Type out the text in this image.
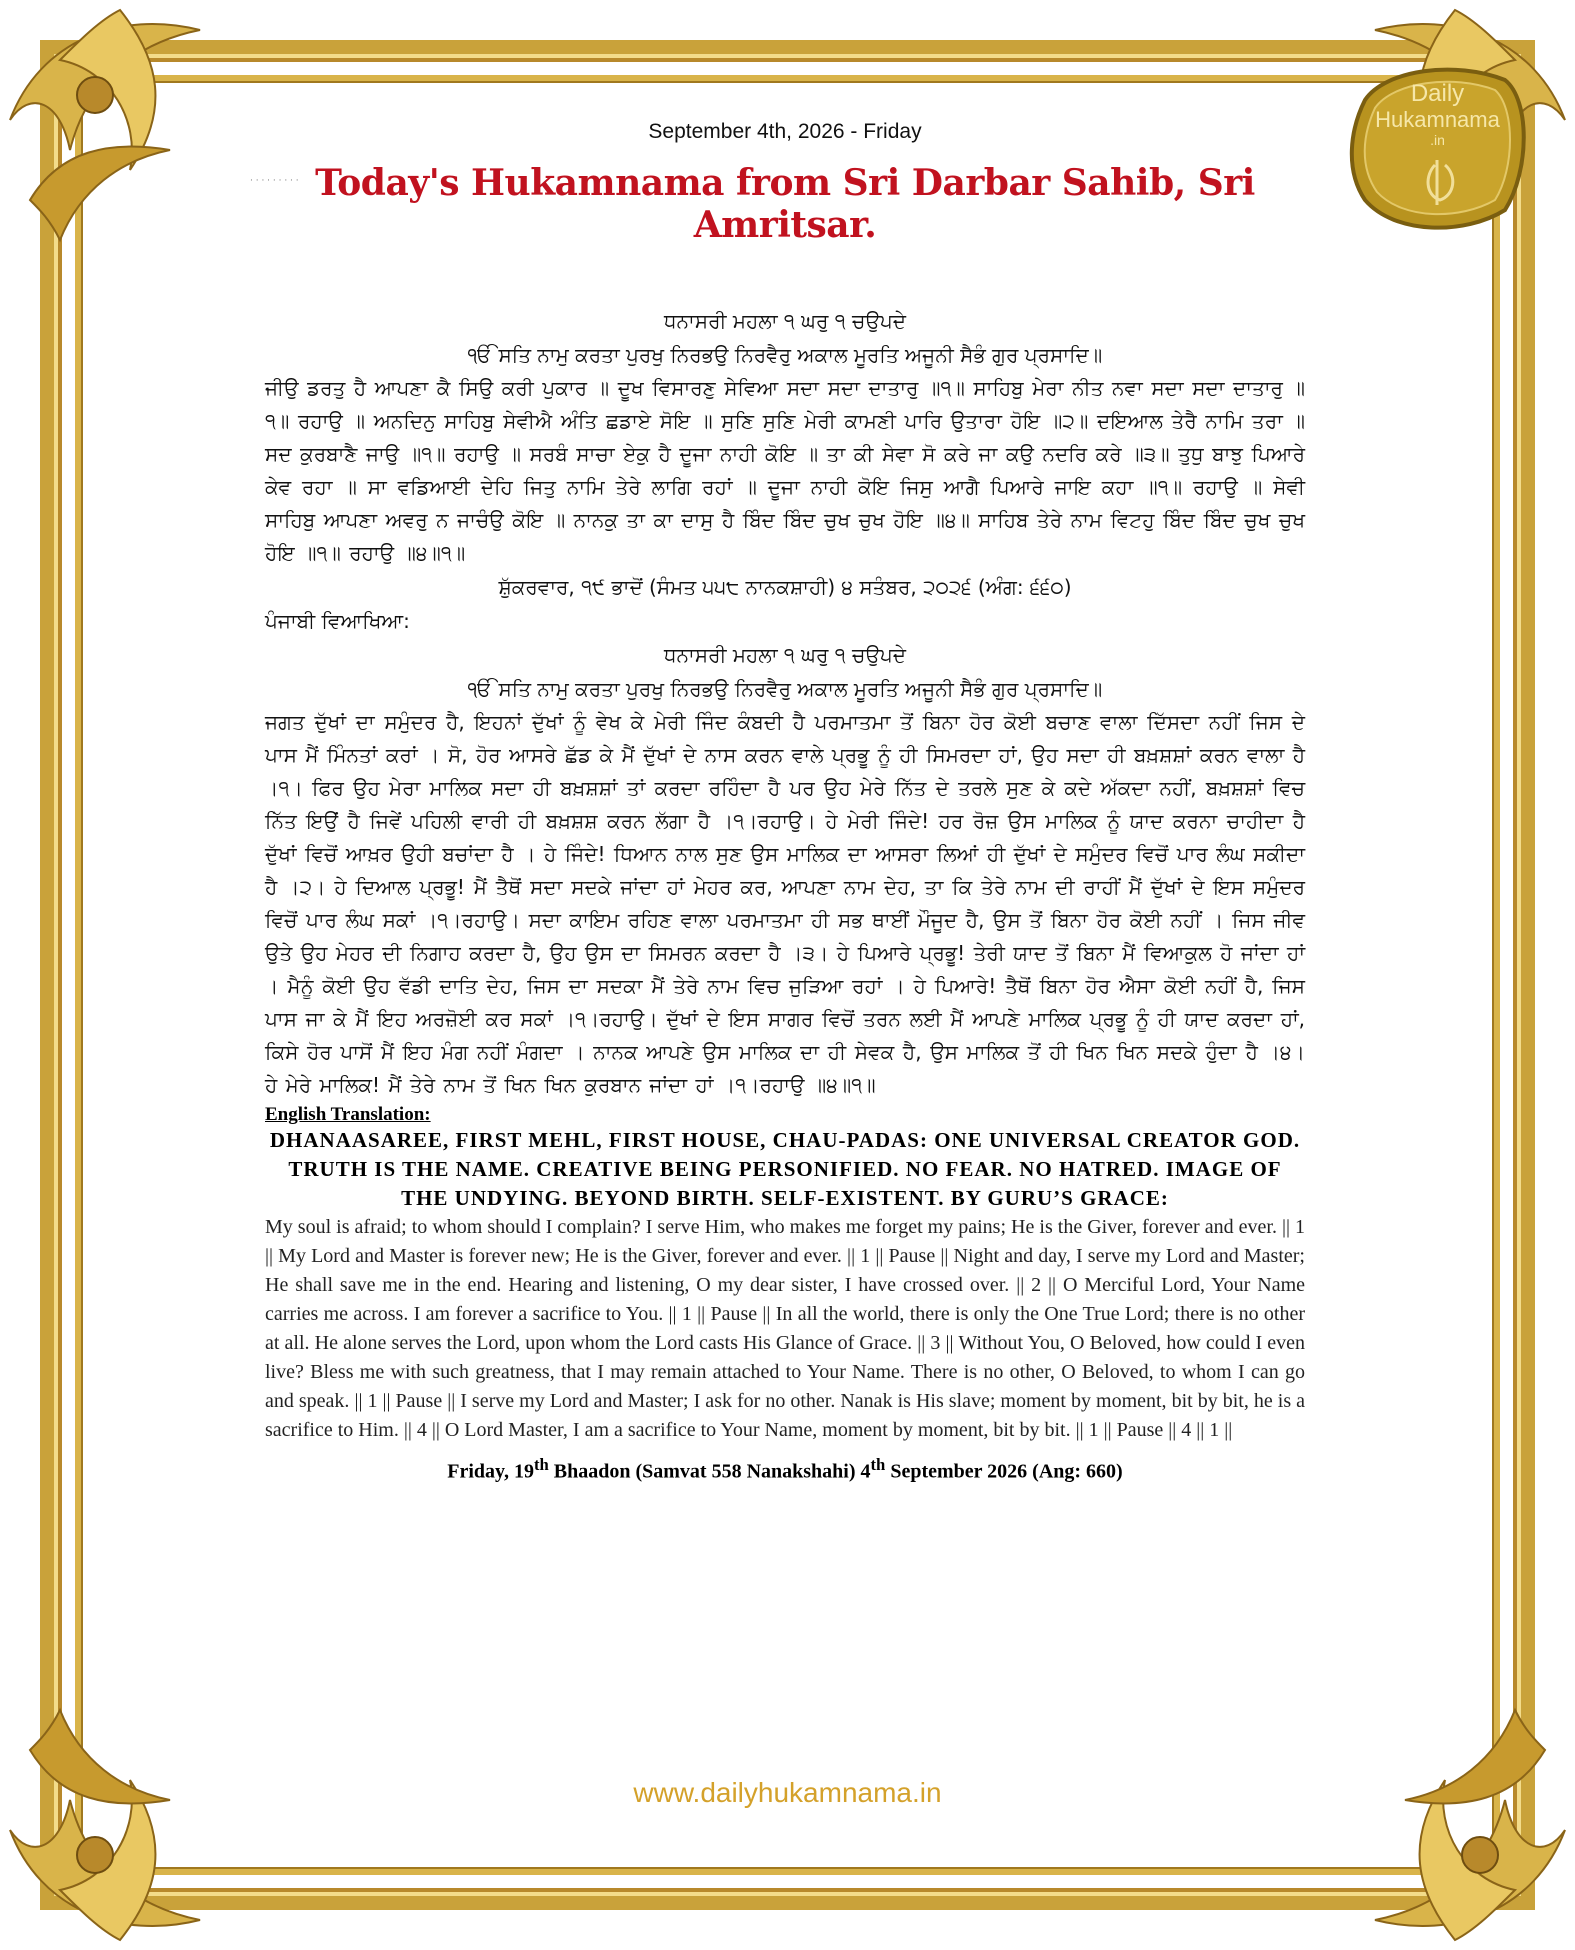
Daily
Hukamnama
.in
· · · · · · · · ·
September 4th, 2026 - Friday
Today's Hukamnama from Sri Darbar Sahib, Sri Amritsar.
ਧਨਾਸਰੀ ਮਹਲਾ ੧ ਘਰੁ ੧ ਚਉਪਦੇ
ੴ ਸਤਿ ਨਾਮੁ ਕਰਤਾ ਪੁਰਖੁ ਨਿਰਭਉ ਨਿਰਵੈਰੁ ਅਕਾਲ ਮੂਰਤਿ ਅਜੂਨੀ ਸੈਭੰ ਗੁਰ ਪ੍ਰਸਾਦਿ॥
ਜੀਉ ਡਰਤੁ ਹੈ ਆਪਣਾ ਕੈ ਸਿਉ ਕਰੀ ਪੁਕਾਰ ॥ ਦੂਖ ਵਿਸਾਰਣੁ ਸੇਵਿਆ ਸਦਾ ਸਦਾ ਦਾਤਾਰੁ ॥੧॥ ਸਾਹਿਬੁ ਮੇਰਾ ਨੀਤ ਨਵਾ ਸਦਾ ਸਦਾ ਦਾਤਾਰੁ ॥੧॥ ਰਹਾਉ ॥ ਅਨਦਿਨੁ ਸਾਹਿਬੁ ਸੇਵੀਐ ਅੰਤਿ ਛਡਾਏ ਸੋਇ ॥ ਸੁਣਿ ਸੁਣਿ ਮੇਰੀ ਕਾਮਣੀ ਪਾਰਿ ਉਤਾਰਾ ਹੋਇ ॥੨॥ ਦਇਆਲ ਤੇਰੈ ਨਾਮਿ ਤਰਾ ॥ ਸਦ ਕੁਰਬਾਣੈ ਜਾਉ ॥੧॥ ਰਹਾਉ ॥ ਸਰਬੰ ਸਾਚਾ ਏਕੁ ਹੈ ਦੂਜਾ ਨਾਹੀ ਕੋਇ ॥ ਤਾ ਕੀ ਸੇਵਾ ਸੋ ਕਰੇ ਜਾ ਕਉ ਨਦਰਿ ਕਰੇ ॥੩॥ ਤੁਧੁ ਬਾਝੁ ਪਿਆਰੇ ਕੇਵ ਰਹਾ ॥ ਸਾ ਵਡਿਆਈ ਦੇਹਿ ਜਿਤੁ ਨਾਮਿ ਤੇਰੇ ਲਾਗਿ ਰਹਾਂ ॥ ਦੂਜਾ ਨਾਹੀ ਕੋਇ ਜਿਸੁ ਆਗੈ ਪਿਆਰੇ ਜਾਇ ਕਹਾ ॥੧॥ ਰਹਾਉ ॥ ਸੇਵੀ ਸਾਹਿਬੁ ਆਪਣਾ ਅਵਰੁ ਨ ਜਾਚੰਉ ਕੋਇ ॥ ਨਾਨਕੁ ਤਾ ਕਾ ਦਾਸੁ ਹੈ ਬਿੰਦ ਬਿੰਦ ਚੁਖ ਚੁਖ ਹੋਇ ॥੪॥ ਸਾਹਿਬ ਤੇਰੇ ਨਾਮ ਵਿਟਹੁ ਬਿੰਦ ਬਿੰਦ ਚੁਖ ਚੁਖ ਹੋਇ ॥੧॥ ਰਹਾਉ ॥੪॥੧॥
ਸ਼ੁੱਕਰਵਾਰ, ੧੯ ਭਾਦੋਂ (ਸੰਮਤ ੫੫੮ ਨਾਨਕਸ਼ਾਹੀ) ੪ ਸਤੰਬਰ, ੨੦੨੬ (ਅੰਗ: ੬੬੦)
ਪੰਜਾਬੀ ਵਿਆਖਿਆ:
ਧਨਾਸਰੀ ਮਹਲਾ ੧ ਘਰੁ ੧ ਚਉਪਦੇ
ੴ ਸਤਿ ਨਾਮੁ ਕਰਤਾ ਪੁਰਖੁ ਨਿਰਭਉ ਨਿਰਵੈਰੁ ਅਕਾਲ ਮੂਰਤਿ ਅਜੂਨੀ ਸੈਭੰ ਗੁਰ ਪ੍ਰਸਾਦਿ॥
ਜਗਤ ਦੁੱਖਾਂ ਦਾ ਸਮੁੰਦਰ ਹੈ, ਇਹਨਾਂ ਦੁੱਖਾਂ ਨੂੰ ਵੇਖ ਕੇ ਮੇਰੀ ਜਿੰਦ ਕੰਬਦੀ ਹੈ ਪਰਮਾਤਮਾ ਤੋਂ ਬਿਨਾ ਹੋਰ ਕੋਈ ਬਚਾਣ ਵਾਲਾ ਦਿੱਸਦਾ ਨਹੀਂ ਜਿਸ ਦੇ ਪਾਸ ਮੈਂ ਮਿੰਨਤਾਂ ਕਰਾਂ । ਸੋ, ਹੋਰ ਆਸਰੇ ਛੱਡ ਕੇ ਮੈਂ ਦੁੱਖਾਂ ਦੇ ਨਾਸ ਕਰਨ ਵਾਲੇ ਪ੍ਰਭੂ ਨੂੰ ਹੀ ਸਿਮਰਦਾ ਹਾਂ, ਉਹ ਸਦਾ ਹੀ ਬਖ਼ਸ਼ਸ਼ਾਂ ਕਰਨ ਵਾਲਾ ਹੈ ।੧। ਫਿਰ ਉਹ ਮੇਰਾ ਮਾਲਿਕ ਸਦਾ ਹੀ ਬਖ਼ਸ਼ਸ਼ਾਂ ਤਾਂ ਕਰਦਾ ਰਹਿੰਦਾ ਹੈ ਪਰ ਉਹ ਮੇਰੇ ਨਿੱਤ ਦੇ ਤਰਲੇ ਸੁਣ ਕੇ ਕਦੇ ਅੱਕਦਾ ਨਹੀਂ, ਬਖ਼ਸ਼ਸ਼ਾਂ ਵਿਚ ਨਿੱਤ ਇਉਂ ਹੈ ਜਿਵੇਂ ਪਹਿਲੀ ਵਾਰੀ ਹੀ ਬਖ਼ਸ਼ਸ਼ ਕਰਨ ਲੱਗਾ ਹੈ ।੧।ਰਹਾਉ। ਹੇ ਮੇਰੀ ਜਿੰਦੇ! ਹਰ ਰੋਜ਼ ਉਸ ਮਾਲਿਕ ਨੂੰ ਯਾਦ ਕਰਨਾ ਚਾਹੀਦਾ ਹੈ ਦੁੱਖਾਂ ਵਿਚੋਂ ਆਖ਼ਰ ਉਹੀ ਬਚਾਂਦਾ ਹੈ । ਹੇ ਜਿੰਦੇ! ਧਿਆਨ ਨਾਲ ਸੁਣ ਉਸ ਮਾਲਿਕ ਦਾ ਆਸਰਾ ਲਿਆਂ ਹੀ ਦੁੱਖਾਂ ਦੇ ਸਮੁੰਦਰ ਵਿਚੋਂ ਪਾਰ ਲੰਘ ਸਕੀਦਾ ਹੈ ।੨। ਹੇ ਦਿਆਲ ਪ੍ਰਭੂ! ਮੈਂ ਤੈਥੋਂ ਸਦਾ ਸਦਕੇ ਜਾਂਦਾ ਹਾਂ ਮੇਹਰ ਕਰ, ਆਪਣਾ ਨਾਮ ਦੇਹ, ਤਾ ਕਿ ਤੇਰੇ ਨਾਮ ਦੀ ਰਾਹੀਂ ਮੈਂ ਦੁੱਖਾਂ ਦੇ ਇਸ ਸਮੁੰਦਰ ਵਿਚੋਂ ਪਾਰ ਲੰਘ ਸਕਾਂ ।੧।ਰਹਾਉ। ਸਦਾ ਕਾਇਮ ਰਹਿਣ ਵਾਲਾ ਪਰਮਾਤਮਾ ਹੀ ਸਭ ਥਾਈਂ ਮੌਜੂਦ ਹੈ, ਉਸ ਤੋਂ ਬਿਨਾ ਹੋਰ ਕੋਈ ਨਹੀਂ । ਜਿਸ ਜੀਵ ਉਤੇ ਉਹ ਮੇਹਰ ਦੀ ਨਿਗਾਹ ਕਰਦਾ ਹੈ, ਉਹ ਉਸ ਦਾ ਸਿਮਰਨ ਕਰਦਾ ਹੈ ।੩। ਹੇ ਪਿਆਰੇ ਪ੍ਰਭੂ! ਤੇਰੀ ਯਾਦ ਤੋਂ ਬਿਨਾ ਮੈਂ ਵਿਆਕੁਲ ਹੋ ਜਾਂਦਾ ਹਾਂ । ਮੈਨੂੰ ਕੋਈ ਉਹ ਵੱਡੀ ਦਾਤਿ ਦੇਹ, ਜਿਸ ਦਾ ਸਦਕਾ ਮੈਂ ਤੇਰੇ ਨਾਮ ਵਿਚ ਜੁੜਿਆ ਰਹਾਂ । ਹੇ ਪਿਆਰੇ! ਤੈਥੋਂ ਬਿਨਾ ਹੋਰ ਐਸਾ ਕੋਈ ਨਹੀਂ ਹੈ, ਜਿਸ ਪਾਸ ਜਾ ਕੇ ਮੈਂ ਇਹ ਅਰਜ਼ੋਈ ਕਰ ਸਕਾਂ ।੧।ਰਹਾਉ। ਦੁੱਖਾਂ ਦੇ ਇਸ ਸਾਗਰ ਵਿਚੋਂ ਤਰਨ ਲਈ ਮੈਂ ਆਪਣੇ ਮਾਲਿਕ ਪ੍ਰਭੂ ਨੂੰ ਹੀ ਯਾਦ ਕਰਦਾ ਹਾਂ, ਕਿਸੇ ਹੋਰ ਪਾਸੋਂ ਮੈਂ ਇਹ ਮੰਗ ਨਹੀਂ ਮੰਗਦਾ । ਨਾਨਕ ਆਪਣੇ ਉਸ ਮਾਲਿਕ ਦਾ ਹੀ ਸੇਵਕ ਹੈ, ਉਸ ਮਾਲਿਕ ਤੋਂ ਹੀ ਖਿਨ ਖਿਨ ਸਦਕੇ ਹੁੰਦਾ ਹੈ ।੪। ਹੇ ਮੇਰੇ ਮਾਲਿਕ! ਮੈਂ ਤੇਰੇ ਨਾਮ ਤੋਂ ਖਿਨ ਖਿਨ ਕੁਰਬਾਨ ਜਾਂਦਾ ਹਾਂ ।੧।ਰਹਾਉ ॥੪॥੧॥
English Translation:
DHANAASAREE, FIRST MEHL, FIRST HOUSE, CHAU-PADAS: ONE UNIVERSAL CREATOR GOD. TRUTH IS THE NAME. CREATIVE BEING PERSONIFIED. NO FEAR. NO HATRED. IMAGE OF THE UNDYING. BEYOND BIRTH. SELF-EXISTENT. BY GURU’S GRACE:
My soul is afraid; to whom should I complain? I serve Him, who makes me forget my pains; He is the Giver, forever and ever. || 1 || My Lord and Master is forever new; He is the Giver, forever and ever. || 1 || Pause || Night and day, I serve my Lord and Master; He shall save me in the end. Hearing and listening, O my dear sister, I have crossed over. || 2 || O Merciful Lord, Your Name carries me across. I am forever a sacrifice to You. || 1 || Pause || In all the world, there is only the One True Lord; there is no other at all. He alone serves the Lord, upon whom the Lord casts His Glance of Grace. || 3 || Without You, O Beloved, how could I even live? Bless me with such greatness, that I may remain attached to Your Name. There is no other, O Beloved, to whom I can go and speak. || 1 || Pause || I serve my Lord and Master; I ask for no other. Nanak is His slave; moment by moment, bit by bit, he is a sacrifice to Him. || 4 || O Lord Master, I am a sacrifice to Your Name, moment by moment, bit by bit. || 1 || Pause || 4 || 1 ||
Friday, 19th Bhaadon (Samvat 558 Nanakshahi) 4th September 2026 (Ang: 660)
www.dailyhukamnama.in
